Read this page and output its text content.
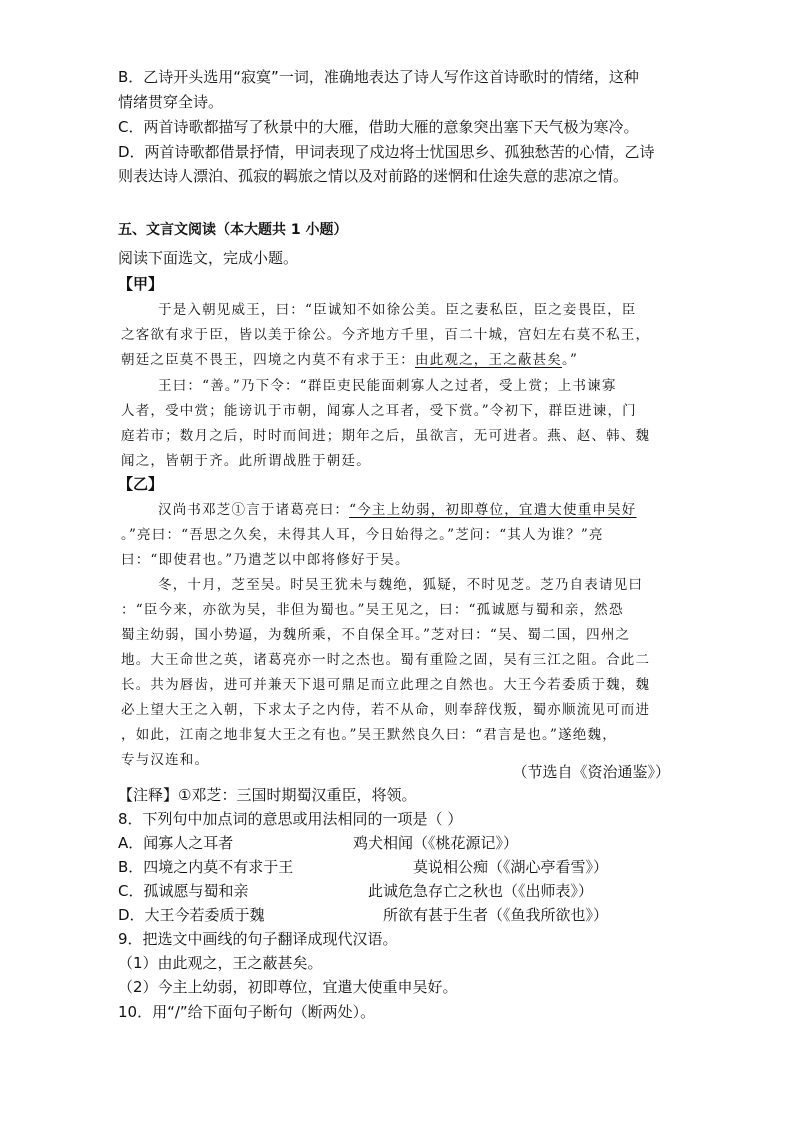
B．乙诗开头选用“寂寞”一词，准确地表达了诗人写作这首诗歌时的情绪，这种
情绪贯穿全诗。
C．两首诗歌都描写了秋景中的大雁，借助大雁的意象突出塞下天气极为寒冷。
D．两首诗歌都借景抒情，甲词表现了戍边将士忧国思乡、孤独愁苦的心情，乙诗
则表达诗人漂泊、孤寂的羁旅之情以及对前路的迷惘和仕途失意的悲凉之情。
五、文言文阅读（本大题共 1 小题）
阅读下面选文，完成小题。
【甲】
于是入朝见威王，曰：“臣诚知不如徐公美。臣之妻私臣，臣之妾畏臣，臣
之客欲有求于臣，皆以美于徐公。今齐地方千里，百二十城，宫妇左右莫不私王，
朝廷之臣莫不畏王，四境之内莫不有求于王：由此观之，王之蔽甚矣。”
王曰：“善。”乃下令：“群臣吏民能面刺寡人之过者，受上赏；上书谏寡
人者，受中赏；能谤讥于市朝，闻寡人之耳者，受下赏。”令初下，群臣进谏，门
庭若市；数月之后，时时而间进；期年之后，虽欲言，无可进者。燕、赵、韩、魏
闻之，皆朝于齐。此所谓战胜于朝廷。
【乙】
汉尚书邓芝①言于诸葛亮曰：“今主上幼弱，初即尊位，宜遣大使重申吴好
。”亮曰：“吾思之久矣，未得其人耳，今日始得之。”芝问：“其人为谁？”亮
曰：“即使君也。”乃遣芝以中郎将修好于吴。
冬，十月，芝至吴。时吴王犹未与魏绝，狐疑，不时见芝。芝乃自表请见曰
：“臣今来，亦欲为吴，非但为蜀也。”吴王见之，曰：“孤诚愿与蜀和亲，然恐
蜀主幼弱，国小势逼，为魏所乘，不自保全耳。”芝对曰：“吴、蜀二国，四州之
地。大王命世之英，诸葛亮亦一时之杰也。蜀有重险之固，吴有三江之阻。合此二
长。共为唇齿，进可并兼天下退可鼎足而立此理之自然也。大王今若委质于魏，魏
必上望大王之入朝，下求太子之内侍，若不从命，则奉辞伐叛，蜀亦顺流见可而进
，如此，江南之地非复大王之有也。”吴王默然良久曰：“君言是也。”遂绝魏，
专与汉连和。
（节选自《资治通鉴》）
【注释】①邓芝：三国时期蜀汉重臣，将领。
8．下列句中加点词的意思或用法相同的一项是（ ）
A．闻寡人之耳者	鸡犬相闻（《桃花源记》）
B．四境之内莫不有求于王	莫说相公痴（《湖心亭看雪》）
C．孤诚愿与蜀和亲	此诚危急存亡之秋也（《出师表》）
D．大王今若委质于魏	所欲有甚于生者（《鱼我所欲也》）
9．把选文中画线的句子翻译成现代汉语。
（1）由此观之，王之蔽甚矣。
（2）今主上幼弱，初即尊位，宜遣大使重申吴好。
10．用“/”给下面句子断句（断两处）。
